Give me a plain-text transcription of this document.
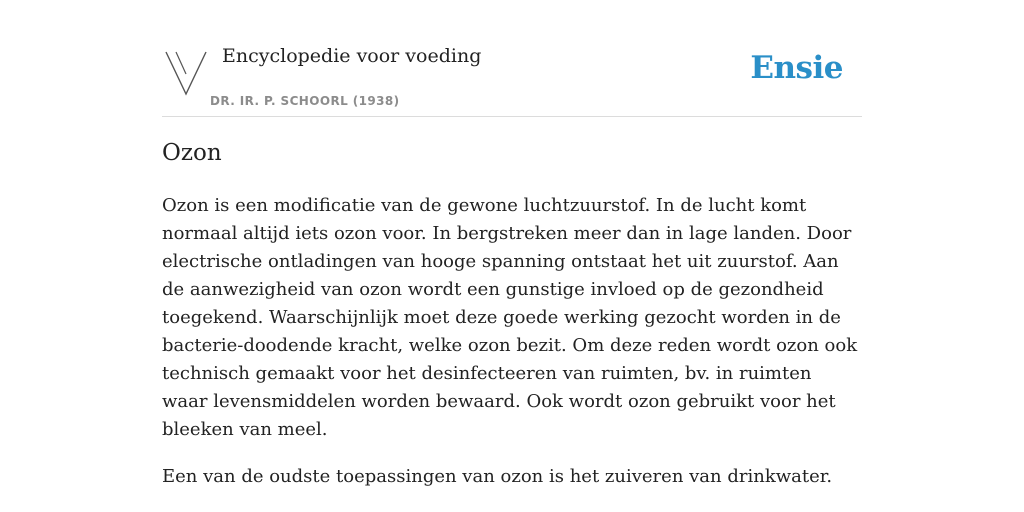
Encyclopedie voor voeding
DR. IR. P. SCHOORL (1938)
Ensie
Ozon

Ozon is een modificatie van de gewone luchtzuurstof. In de lucht komt normaal altijd iets ozon voor. In bergstreken meer dan in lage landen. Door electrische ontladingen van hooge spanning ontstaat het uit zuurstof. Aan de aanwezigheid van ozon wordt een gunstige invloed op de gezondheid toegekend. Waarschijnlijk moet deze goede werking gezocht worden in de bacterie-doodende kracht, welke ozon bezit. Om deze reden wordt ozon ook technisch gemaakt voor het desinfecteeren van ruimten, bv. in ruimten waar levensmiddelen worden bewaard. Ook wordt ozon gebruikt voor het bleeken van meel.

Een van de oudste toepassingen van ozon is het zuiveren van drinkwater.
